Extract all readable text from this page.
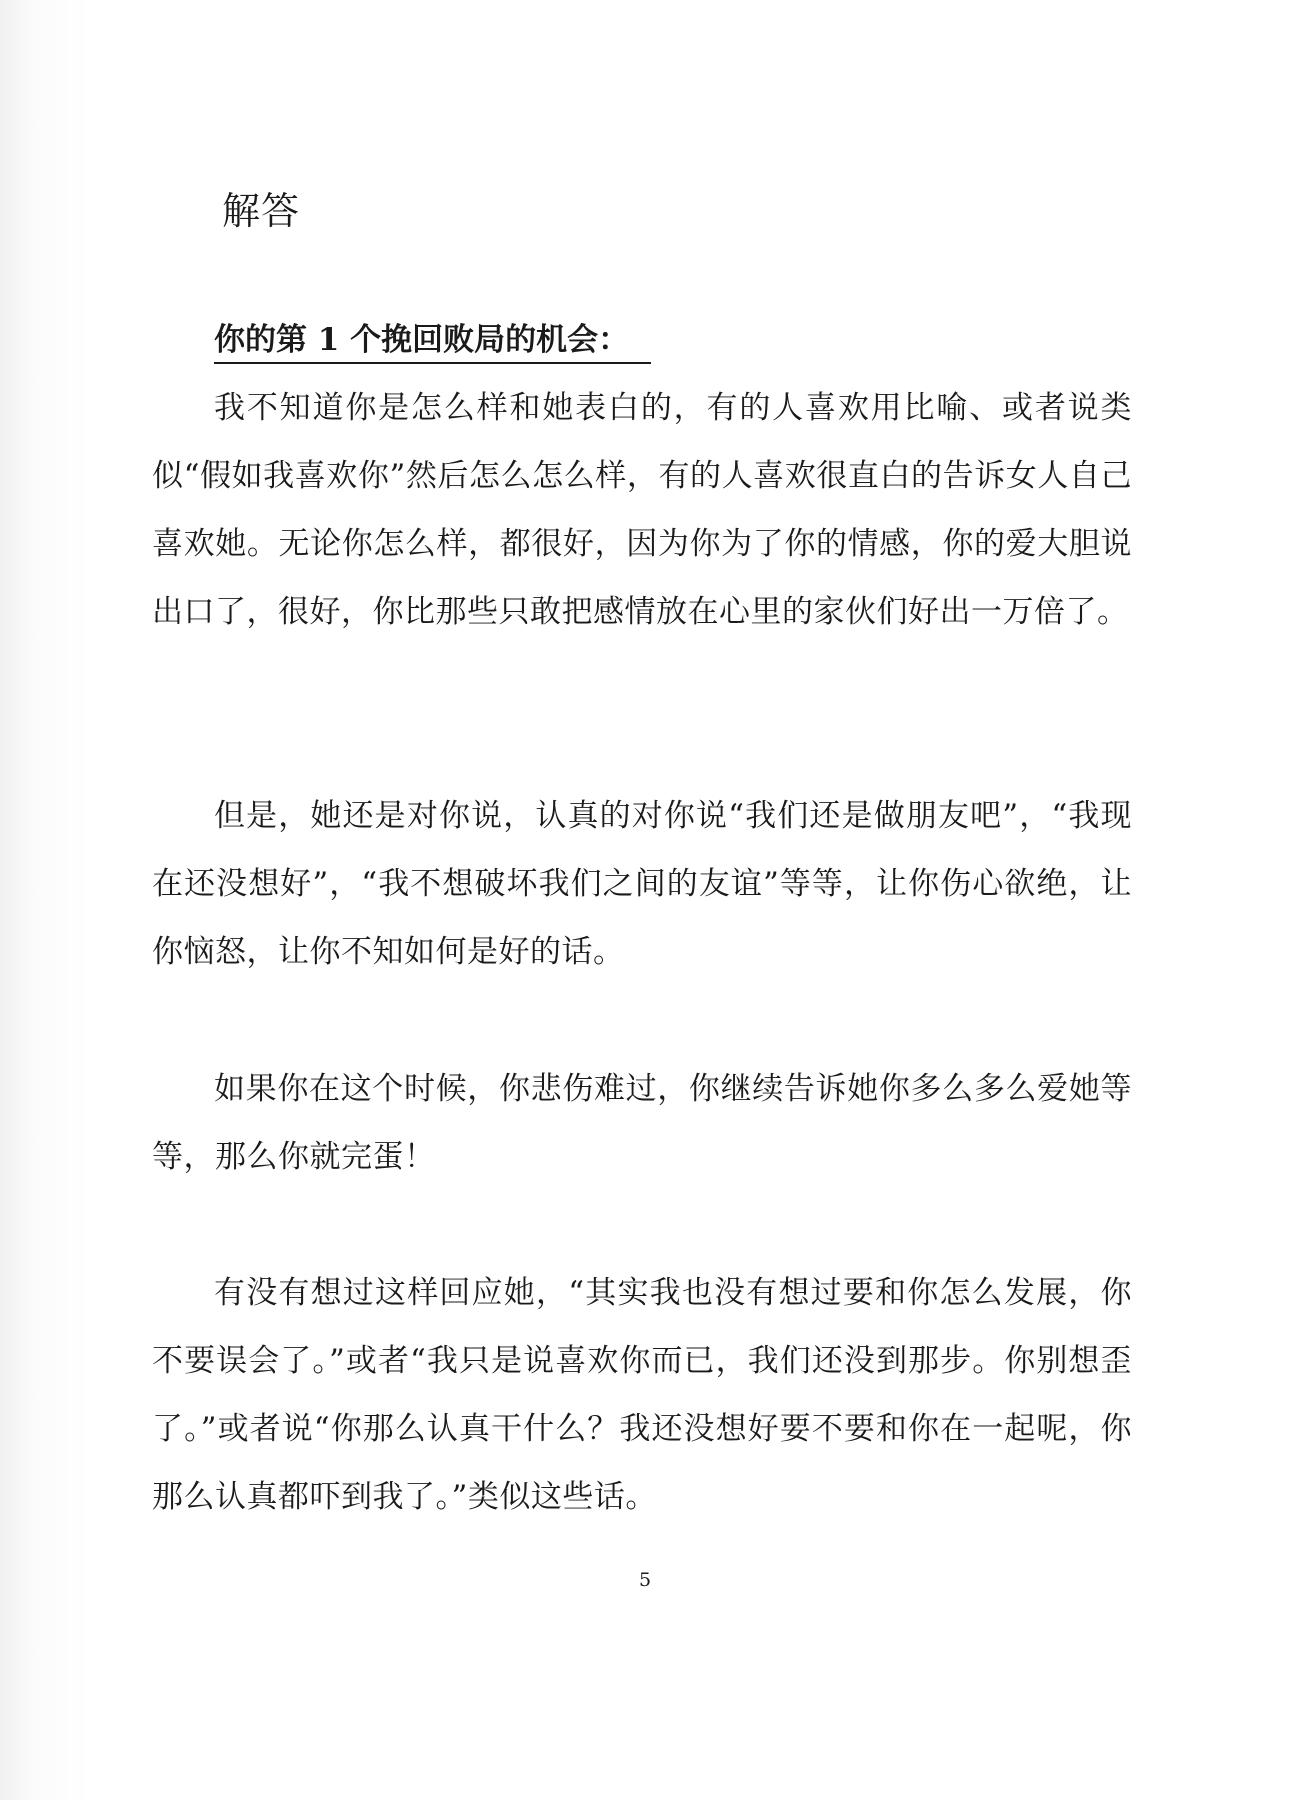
解答
你的第 1 个挽回败局的机会：

我不知道你是怎么样和她表白的，有的人喜欢用比喻、或者说类似“假如我喜欢你”然后怎么怎么样，有的人喜欢很直白的告诉女人自己喜欢她。无论你怎么样，都很好，因为你为了你的情感，你的爱大胆说出口了，很好，你比那些只敢把感情放在心里的家伙们好出一万倍了。

但是，她还是对你说，认真的对你说“我们还是做朋友吧”，“我现在还没想好”，“我不想破坏我们之间的友谊”等等，让你伤心欲绝，让你恼怒，让你不知如何是好的话。

如果你在这个时候，你悲伤难过，你继续告诉她你多么多么爱她等等，那么你就完蛋！

有没有想过这样回应她，“其实我也没有想过要和你怎么发展，你不要误会了。”或者“我只是说喜欢你而已，我们还没到那步。你别想歪了。”或者说“你那么认真干什么？我还没想好要不要和你在一起呢，你那么认真都吓到我了。”类似这些话。

5
